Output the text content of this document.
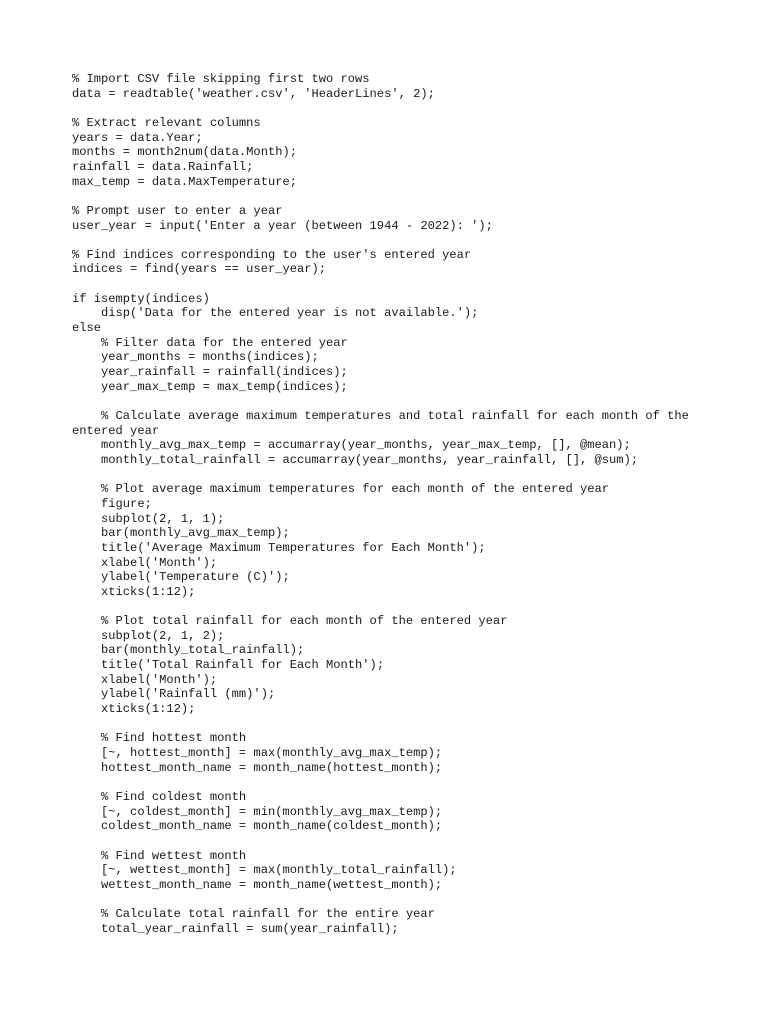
% Import CSV file skipping first two rows
data = readtable('weather.csv', 'HeaderLines', 2);
% Extract relevant columns
years = data.Year;
months = month2num(data.Month);
rainfall = data.Rainfall;
max_temp = data.MaxTemperature;
% Prompt user to enter a year
user_year = input('Enter a year (between 1944 - 2022): ');
% Find indices corresponding to the user's entered year
indices = find(years == user_year);
if isempty(indices)
disp('Data for the entered year is not available.');
else
% Filter data for the entered year
year_months = months(indices);
year_rainfall = rainfall(indices);
year_max_temp = max_temp(indices);
% Calculate average maximum temperatures and total rainfall for each month of the entered year
monthly_avg_max_temp = accumarray(year_months, year_max_temp, [], @mean);
monthly_total_rainfall = accumarray(year_months, year_rainfall, [], @sum);
% Plot average maximum temperatures for each month of the entered year
figure;
subplot(2, 1, 1);
bar(monthly_avg_max_temp);
title('Average Maximum Temperatures for Each Month');
xlabel('Month');
ylabel('Temperature (C)');
xticks(1:12);
% Plot total rainfall for each month of the entered year
subplot(2, 1, 2);
bar(monthly_total_rainfall);
title('Total Rainfall for Each Month');
xlabel('Month');
ylabel('Rainfall (mm)');
xticks(1:12);
% Find hottest month
[~, hottest_month] = max(monthly_avg_max_temp);
hottest_month_name = month_name(hottest_month);
% Find coldest month
[~, coldest_month] = min(monthly_avg_max_temp);
coldest_month_name = month_name(coldest_month);
% Find wettest month
[~, wettest_month] = max(monthly_total_rainfall);
wettest_month_name = month_name(wettest_month);
% Calculate total rainfall for the entire year
total_year_rainfall = sum(year_rainfall);
